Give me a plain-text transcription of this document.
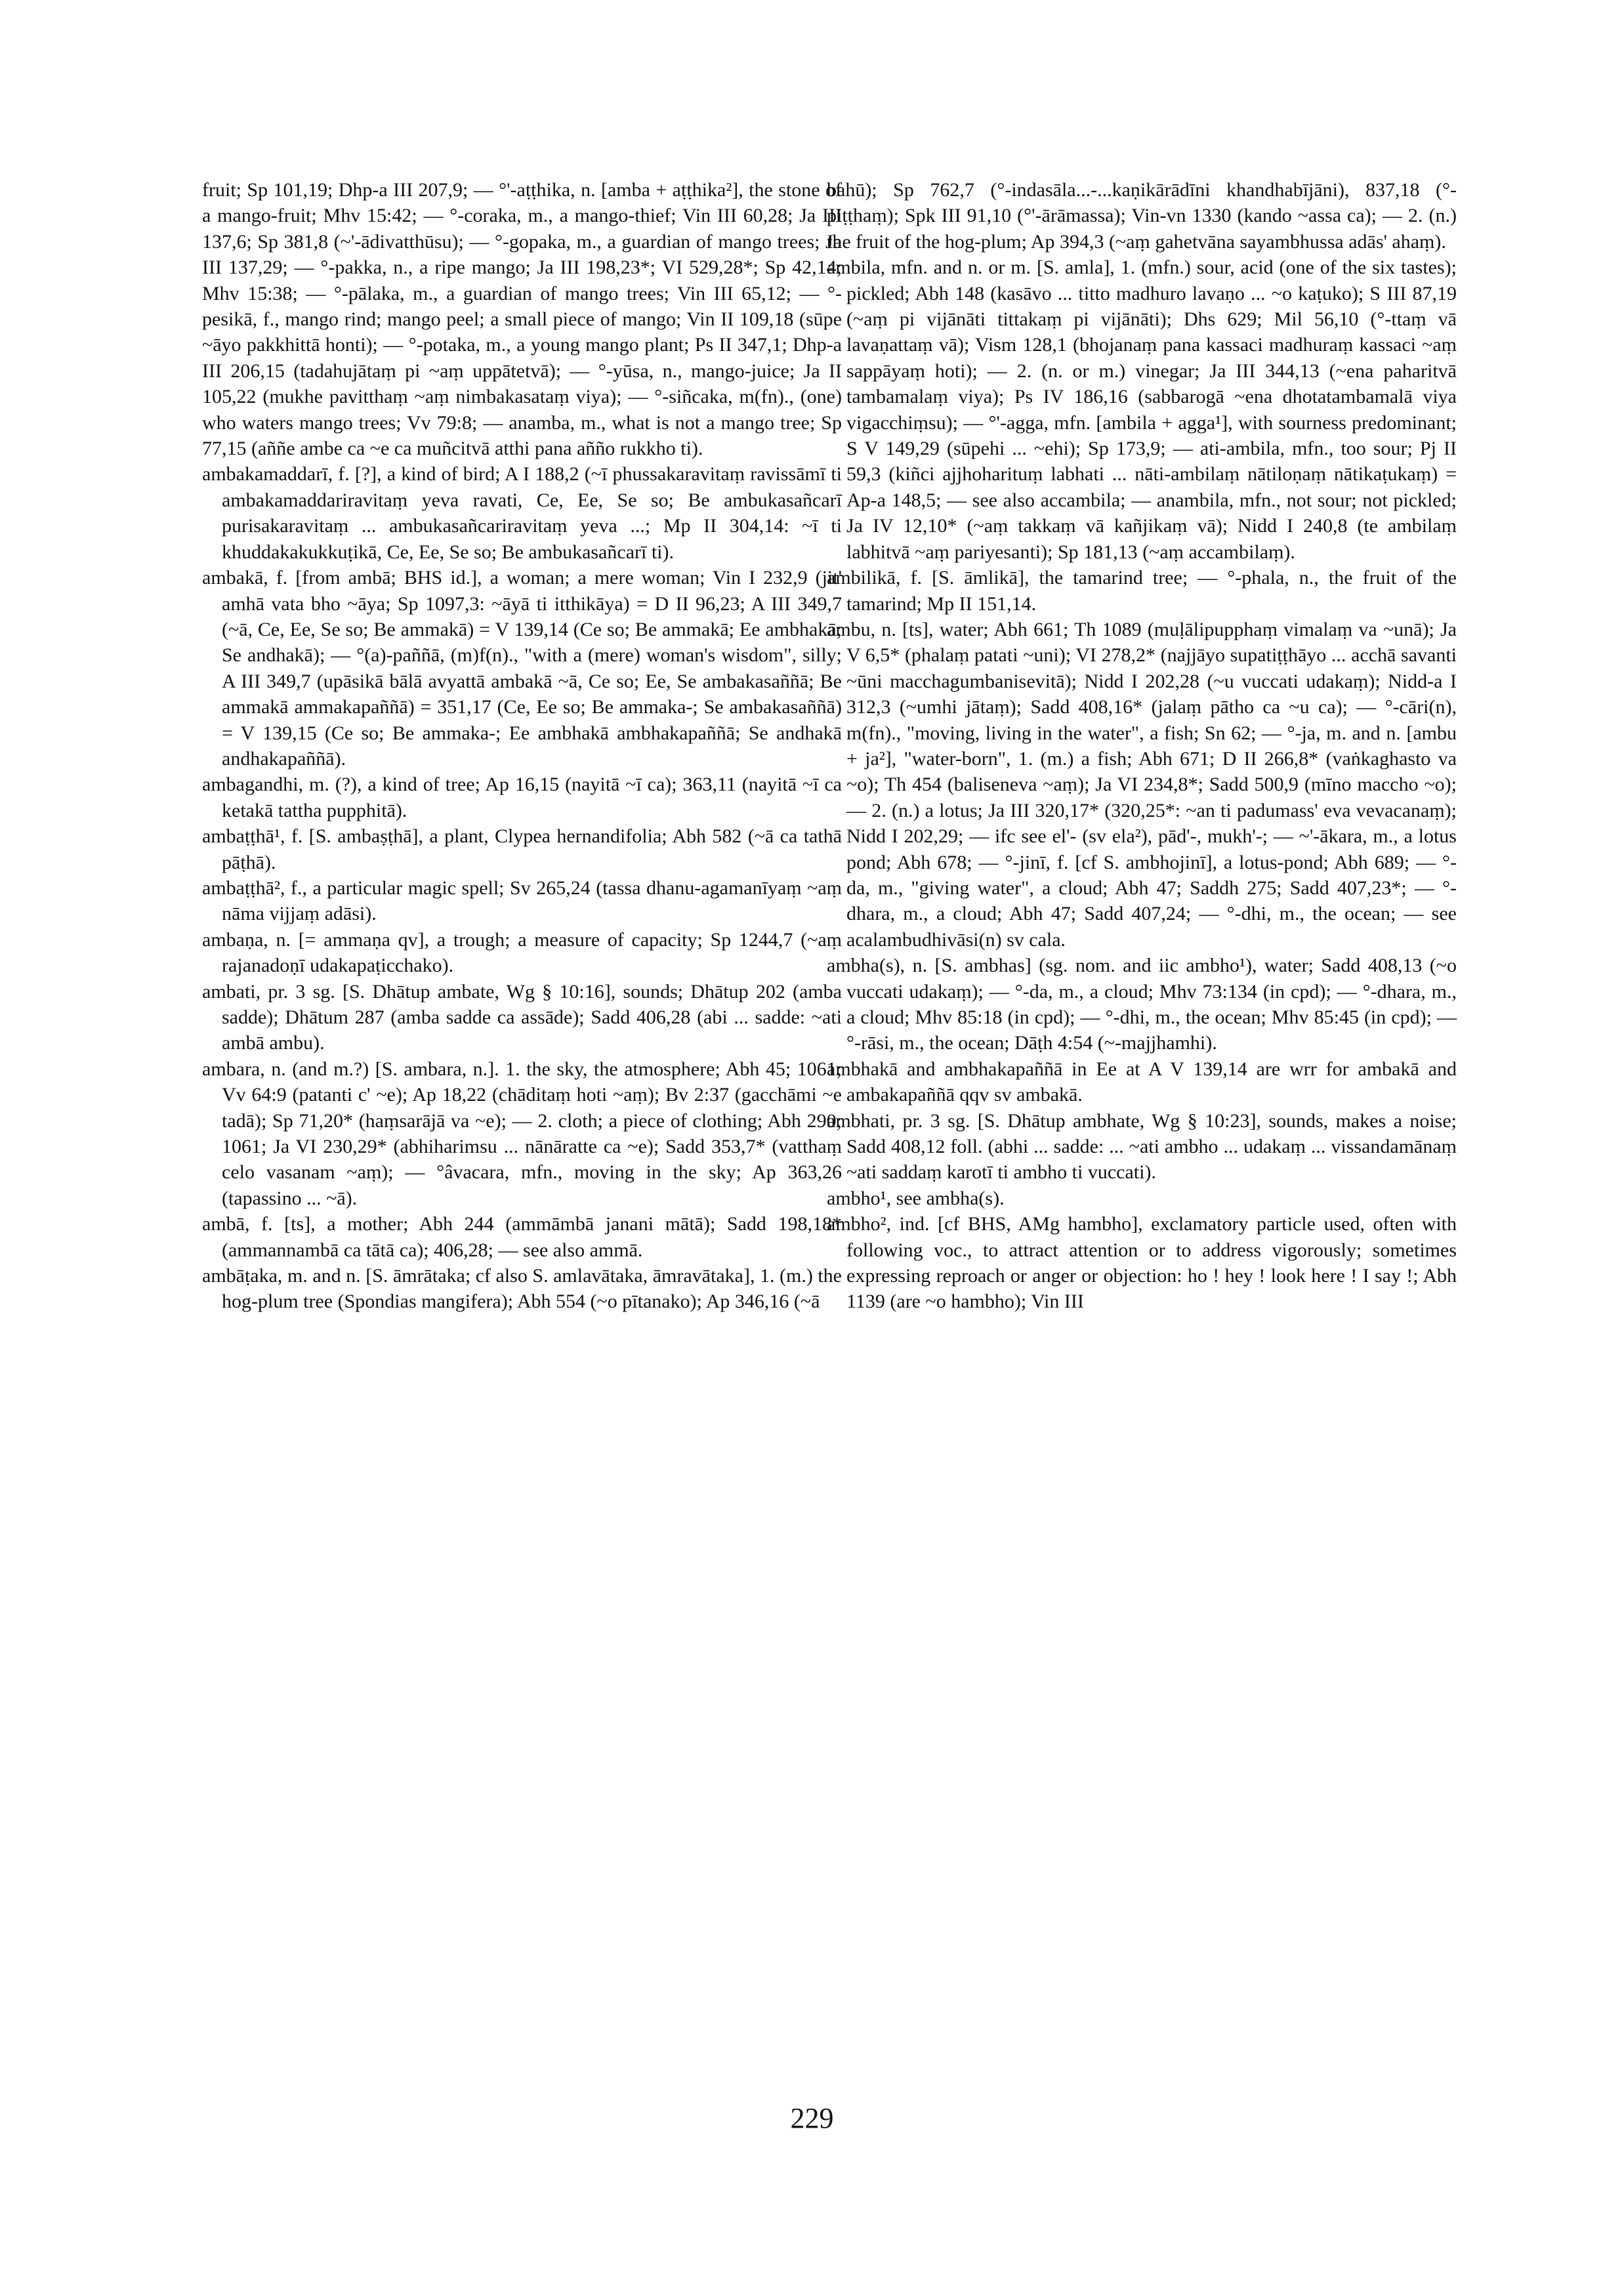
fruit; Sp 101,19; Dhp-a III 207,9; — °'-aṭṭhika, n. [amba + aṭṭhika²], the stone of a mango-fruit; Mhv 15:42; — °-coraka, m., a mango-thief; Vin III 60,28; Ja III 137,6; Sp 381,8 (~'-ādivatthūsu); — °-gopaka, m., a guardian of mango trees; Ja III 137,29; — °-pakka, n., a ripe mango; Ja III 198,23*; VI 529,28*; Sp 42,14; Mhv 15:38; — °-pālaka, m., a guardian of mango trees; Vin III 65,12; — °-pesikā, f., mango rind; mango peel; a small piece of mango; Vin II 109,18 (sūpe ~āyo pakkhittā honti); — °-potaka, m., a young mango plant; Ps II 347,1; Dhp-a III 206,15 (tadahujātaṃ pi ~aṃ uppātetvā); — °-yūsa, n., mango-juice; Ja II 105,22 (mukhe pavitthaṃ ~aṃ nimbakasataṃ viya); — °-siñcaka, m(fn)., (one) who waters mango trees; Vv 79:8; — anamba, m., what is not a mango tree; Sp 77,15 (aññe ambe ca ~e ca muñcitvā atthi pana añño rukkho ti).

ambakamaddarī, f. [?], a kind of bird; A I 188,2 (~ī phussakaravitaṃ ravissāmī ti ambakamaddariravitaṃ yeva ravati, Ce, Ee, Se so; Be ambukasañcarī purisakaravitaṃ ... ambukasañcariravitaṃ yeva ...; Mp II 304,14: ~ī ti khuddakakukkuṭikā, Ce, Ee, Se so; Be ambukasañcarī ti).

ambakā, f. [from ambā; BHS id.], a woman; a mere woman; Vin I 232,9 (jit' amhā vata bho ~āya; Sp 1097,3: ~āyā ti itthikāya) = D II 96,23; A III 349,7 (~ā, Ce, Ee, Se so; Be ammakā) = V 139,14 (Ce so; Be ammakā; Ee ambhakā; Se andhakā); — °(a)-paññā, (m)f(n)., "with a (mere) woman's wisdom", silly; A III 349,7 (upāsikā bālā avyattā ambakā ~ā, Ce so; Ee, Se ambakasaññā; Be ammakā ammakapaññā) = 351,17 (Ce, Ee so; Be ammaka-; Se ambakasaññā) = V 139,15 (Ce so; Be ammaka-; Ee ambhakā ambhakapaññā; Se andhakā andhakapaññā).

ambagandhi, m. (?), a kind of tree; Ap 16,15 (nayitā ~ī ca); 363,11 (nayitā ~ī ca ketakā tattha pupphitā).

ambaṭṭhā¹, f. [S. ambaṣṭhā], a plant, Clypea hernandifolia; Abh 582 (~ā ca tathā pāṭhā).

ambaṭṭhā², f., a particular magic spell; Sv 265,24 (tassa dhanu-agamanīyaṃ ~aṃ nāma vijjaṃ adāsi).

ambaṇa, n. [= ammaṇa qv], a trough; a measure of capacity; Sp 1244,7 (~aṃ rajanadoṇī udakapaṭicchako).

ambati, pr. 3 sg. [S. Dhātup ambate, Wg § 10:16], sounds; Dhātup 202 (amba sadde); Dhātum 287 (amba sadde ca assāde); Sadd 406,28 (abi ... sadde: ~ati ambā ambu).

ambara, n. (and m.?) [S. ambara, n.]. 1. the sky, the atmosphere; Abh 45; 1061; Vv 64:9 (patanti c' ~e); Ap 18,22 (chāditaṃ hoti ~aṃ); Bv 2:37 (gacchāmi ~e tadā); Sp 71,20* (haṃsarājā va ~e); — 2. cloth; a piece of clothing; Abh 290; 1061; Ja VI 230,29* (abhiharimsu ... nānāratte ca ~e); Sadd 353,7* (vatthaṃ celo vasanam ~aṃ); — °âvacara, mfn., moving in the sky; Ap 363,26 (tapassino ... ~ā).

ambā, f. [ts], a mother; Abh 244 (ammāmbā janani mātā); Sadd 198,18* (ammannambā ca tātā ca); 406,28; — see also ammā.

ambāṭaka, m. and n. [S. āmrātaka; cf also S. amlavātaka, āmravātaka], 1. (m.) the hog-plum tree (Spondias mangifera); Abh 554 (~o pītanako); Ap 346,16 (~ā

bahū); Sp 762,7 (°-indasāla...-...kaṇikārādīni khandhabījāni), 837,18 (°-piṭṭhaṃ); Spk III 91,10 (°'-ārāmassa); Vin-vn 1330 (kando ~assa ca); — 2. (n.) the fruit of the hog-plum; Ap 394,3 (~aṃ gahetvāna sayambhussa adās' ahaṃ).

ambila, mfn. and n. or m. [S. amla], 1. (mfn.) sour, acid (one of the six tastes); pickled; Abh 148 (kasāvo ... titto madhuro lavaṇo ... ~o kaṭuko); S III 87,19 (~aṃ pi vijānāti tittakaṃ pi vijānāti); Dhs 629; Mil 56,10 (°-ttaṃ vā lavaṇattaṃ vā); Vism 128,1 (bhojanaṃ pana kassaci madhuraṃ kassaci ~aṃ sappāyaṃ hoti); — 2. (n. or m.) vinegar; Ja III 344,13 (~ena paharitvā tambamalaṃ viya); Ps IV 186,16 (sabbarogā ~ena dhotatambamalā viya vigacchiṃsu); — °'-agga, mfn. [ambila + agga¹], with sourness predominant; S V 149,29 (sūpehi ... ~ehi); Sp 173,9; — ati-ambila, mfn., too sour; Pj II 59,3 (kiñci ajjhoharituṃ labhati ... nāti-ambilaṃ nātiloṇaṃ nātikaṭukaṃ) = Ap-a 148,5; — see also accambila; — anambila, mfn., not sour; not pickled; Ja IV 12,10* (~aṃ takkaṃ vā kañjikaṃ vā); Nidd I 240,8 (te ambilaṃ labhitvā ~aṃ pariyesanti); Sp 181,13 (~aṃ accambilaṃ).

ambilikā, f. [S. āmlikā], the tamarind tree; — °-phala, n., the fruit of the tamarind; Mp II 151,14.

ambu, n. [ts], water; Abh 661; Th 1089 (muḷālipupphaṃ vimalaṃ va ~unā); Ja V 6,5* (phalaṃ patati ~uni); VI 278,2* (najjāyo supatiṭṭhāyo ... acchā savanti ~ūni macchagumbanisevitā); Nidd I 202,28 (~u vuccati udakaṃ); Nidd-a I 312,3 (~umhi jātaṃ); Sadd 408,16* (jalaṃ pātho ca ~u ca); — °-cāri(n), m(fn)., "moving, living in the water", a fish; Sn 62; — °-ja, m. and n. [ambu + ja²], "water-born", 1. (m.) a fish; Abh 671; D II 266,8* (vaṅkaghasto va ~o); Th 454 (baliseneva ~aṃ); Ja VI 234,8*; Sadd 500,9 (mīno maccho ~o); — 2. (n.) a lotus; Ja III 320,17* (320,25*: ~an ti padumass' eva vevacanaṃ); Nidd I 202,29; — ifc see el'- (sv ela²), pād'-, mukh'-; — ~'-ākara, m., a lotus pond; Abh 678; — °-jinī, f. [cf S. ambhojinī], a lotus-pond; Abh 689; — °-da, m., "giving water", a cloud; Abh 47; Saddh 275; Sadd 407,23*; — °-dhara, m., a cloud; Abh 47; Sadd 407,24; — °-dhi, m., the ocean; — see acalambudhivāsi(n) sv cala.

ambha(s), n. [S. ambhas] (sg. nom. and iic ambho¹), water; Sadd 408,13 (~o vuccati udakaṃ); — °-da, m., a cloud; Mhv 73:134 (in cpd); — °-dhara, m., a cloud; Mhv 85:18 (in cpd); — °-dhi, m., the ocean; Mhv 85:45 (in cpd); — °-rāsi, m., the ocean; Dāṭh 4:54 (~-majjhamhi).

ambhakā and ambhakapaññā in Ee at A V 139,14 are wrr for ambakā and ambakapaññā qqv sv ambakā.

ambhati, pr. 3 sg. [S. Dhātup ambhate, Wg § 10:23], sounds, makes a noise; Sadd 408,12 foll. (abhi ... sadde: ... ~ati ambho ... udakaṃ ... vissandamānaṃ ~ati saddaṃ karotī ti ambho ti vuccati).

ambho¹, see ambha(s).

ambho², ind. [cf BHS, AMg hambho], exclamatory particle used, often with following voc., to attract attention or to address vigorously; sometimes expressing reproach or anger or objection: ho ! hey ! look here ! I say !; Abh 1139 (are ~o hambho); Vin III

229
